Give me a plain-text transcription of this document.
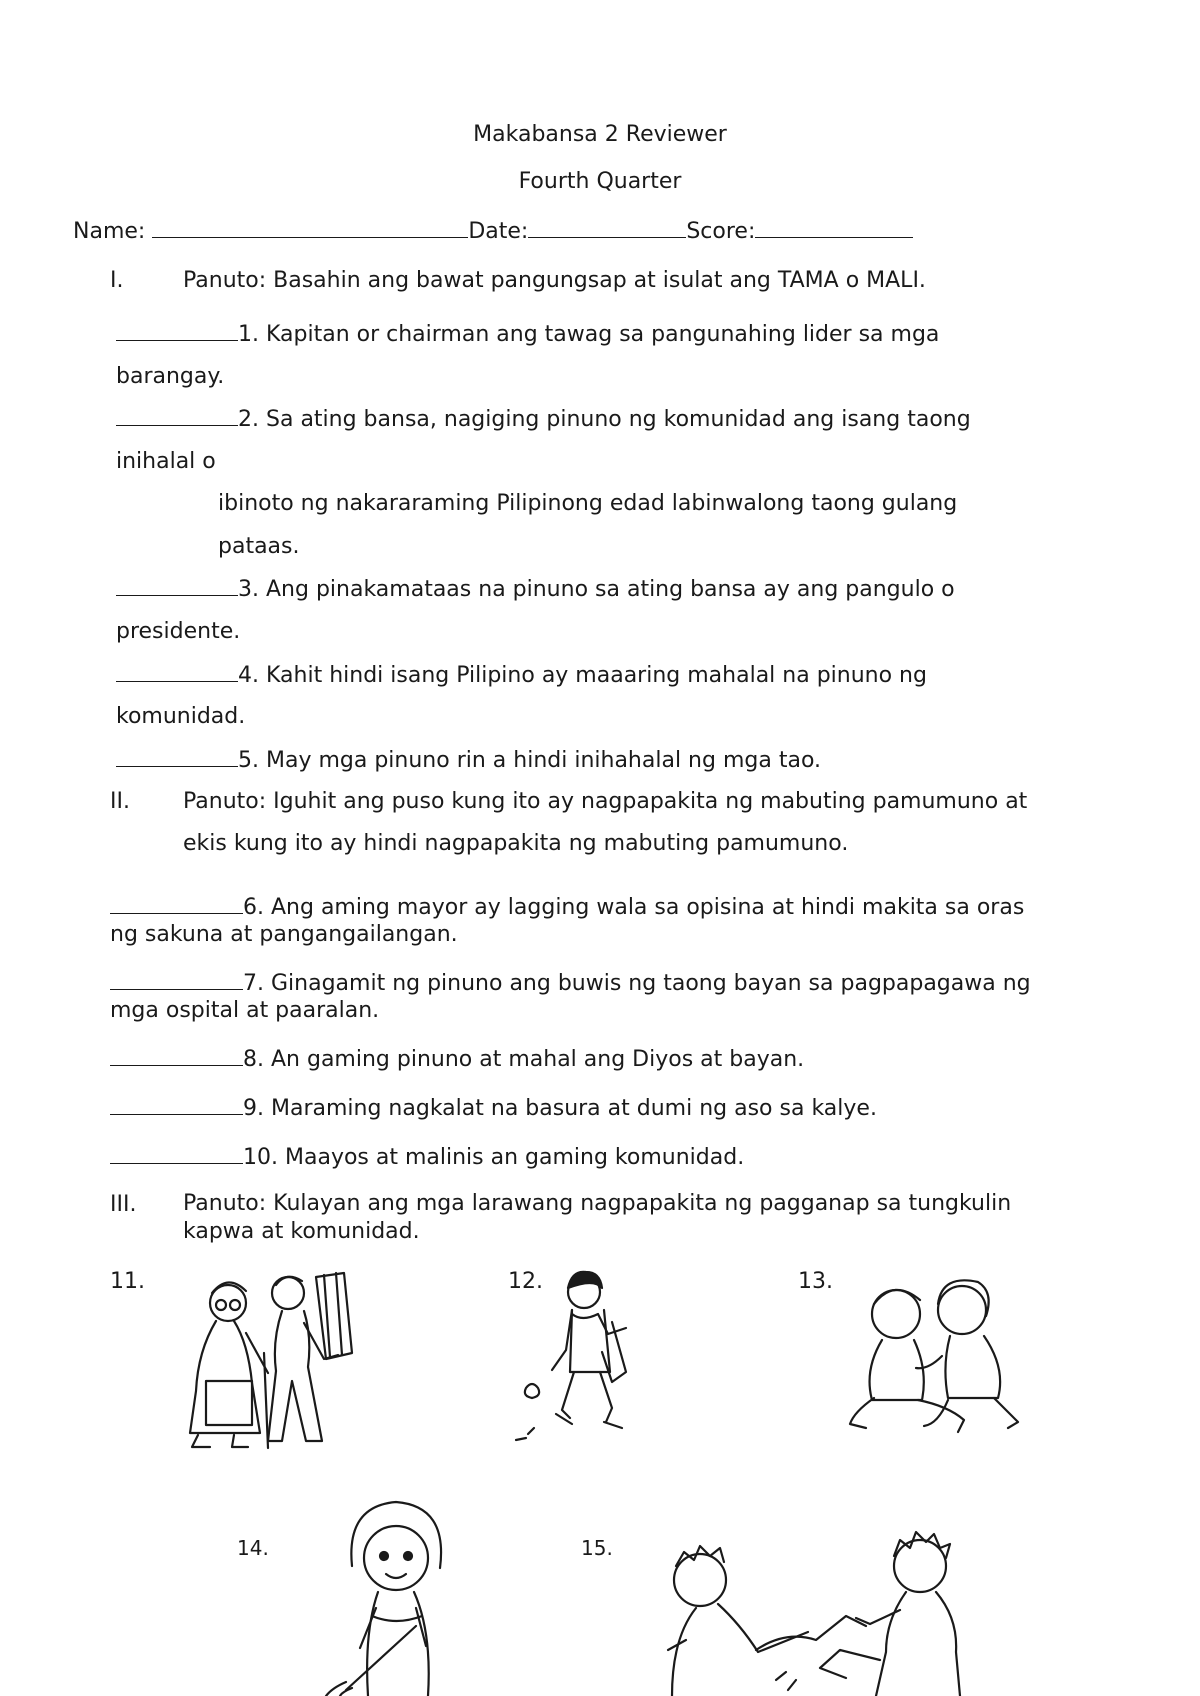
Makabansa 2 Reviewer

Fourth Quarter

Name:	Date:	Score:

I.	Panuto: Basahin ang bawat pangungsap at isulat ang TAMA o MALI.

1. Kapitan or chairman ang tawag sa pangunahing lider sa mga

barangay.

2. Sa ating bansa, nagiging pinuno ng komunidad ang isang taong

inihalal o

ibinoto ng nakararaming Pilipinong edad labinwalong taong gulang

pataas.

3. Ang pinakamataas na pinuno sa ating bansa ay ang pangulo o

presidente.

4. Kahit hindi isang Pilipino ay maaaring mahalal na pinuno ng

komunidad.

5. May mga pinuno rin a hindi inihahalal ng mga tao.

II. Panuto: Iguhit ang puso kung ito ay nagpapakita ng mabuting pamumuno at

ekis kung ito ay hindi nagpapakita ng mabuting pamumuno.

6. Ang aming mayor ay lagging wala sa opisina at hindi makita sa oras

ng sakuna at pangangailangan.

7. Ginagamit ng pinuno ang buwis ng taong bayan sa pagpapagawa ng

mga ospital at paaralan.

8. An gaming pinuno at mahal ang Diyos at bayan.
9. Maraming nagkalat na basura at dumi ng aso sa kalye.
10. Maayos at malinis an gaming komunidad.

III. Panuto: Kulayan ang mga larawang nagpapakita ng pagganap sa tungkulin

kapwa at komunidad.

11.	12.	13.

14.	15.
